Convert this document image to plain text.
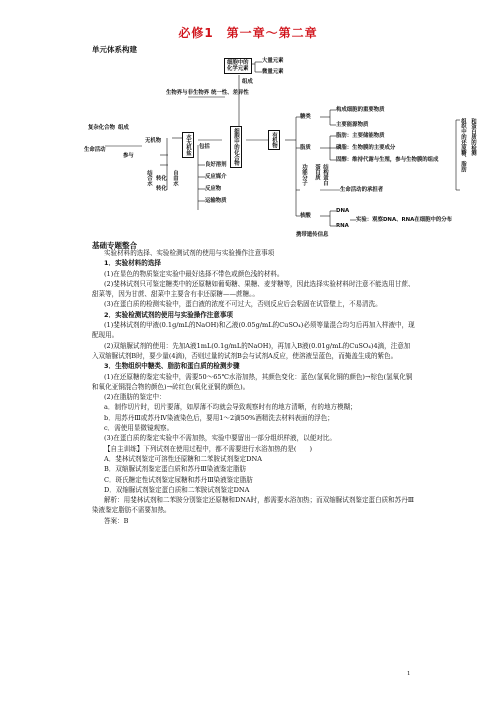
必修1　第一章～第二章
单元体系构建
生物界与非生物界 统一性、差异性
细胞中的
化学元素
大量元素
微量元素
组成
复杂化合物 组成
生命活动
参与
无机物
水无机盐
结合水	自由水
转化
转化
良好溶剂
反应媒介
反应物
运输物质
细胞中的化合物
包括	有机物
糖类
构成细胞的重要物质
主要能源物质
脂质
脂肪：主要储能物质
磷脂：生物膜的主要成分
固醇：维持代谢与生殖，参与生物膜的组成
功能分子 蛋白质 结构蛋白
生命活动的承担者
核酸
DNA
RNA
实验：观察DNA、RNA在细胞中的分布
携带遗传信息
组织中的还原糖、脂肪 和蛋白质的检测
基础专题整合

实验材料的选择、实验检测试剂的使用与实验操作注意事项

1．实验材料的选择

(1)在显色的物质鉴定实验中最好选择不带色或颜色浅的材料。

(2)斐林试剂只可鉴定糖类中的还原糖如葡萄糖、果糖、麦芽糖等，因此选择实验材料时注意不能选用甘蔗、甜菜等，因为甘蔗、甜菜中主要含有非还原糖——蔗糖。。

(3)在蛋白质的检测实验中，蛋白液的浓度不可过大，否则反应后会粘固在试管壁上，不易清洗。

2．实验检测试剂的使用与实验操作注意事项

(1)斐林试剂的甲液(0.1g/mL的NaOH)和乙液(0.05g/mL的CuSO₄)必须等量混合均匀后再加入样液中，现配现用。

(2)双缩脲试剂的使用：先加A液1mL(0.1g/mL的NaOH)，再加入B液(0.01g/mL的CuSO₄)4滴，注意加入双缩脲试剂B时，要少量(4滴)，否则过量的试剂B会与试剂A反应，使溶液呈蓝色，而掩盖生成的紫色。

3．生物组织中糖类、脂肪和蛋白质的检测步骤

(1)在还原糖的鉴定实验中，需要50～65℃水浴加热，其颜色变化：蓝色(氢氧化铜的颜色)→棕色(氢氧化铜和氧化亚铜混合物的颜色)→砖红色(氧化亚铜的颜色)。

(2)在脂肪的鉴定中：

a．制作切片时，切片要薄，如厚薄不均就会导致观察时有的地方清晰，有的地方模糊；

b．用苏丹Ⅲ或苏丹Ⅳ染液染色后，要用1～2滴50%酒精洗去材料表面的浮色；

c．需使用显微镜观察。

(3)在蛋白质的鉴定实验中不需加热，实验中要留出一部分组织样液，以便对比。

【自主训练】下列试剂在使用过程中，都不需要进行水浴加热的是(　　)

A．斐林试剂鉴定可溶性还原糖和二苯胺试剂鉴定DNA

B．双缩脲试剂鉴定蛋白质和苏丹Ⅲ染液鉴定脂肪

C．斑氏糖定性试剂鉴定尿糖和苏丹Ⅲ染液鉴定脂肪

D．双缩脲试剂鉴定蛋白质和二苯胺试剂鉴定DNA

解析：用斐林试剂和二苯胺分别鉴定还原糖和DNA时，都需要水浴加热；而双缩脲试剂鉴定蛋白质和苏丹Ⅲ染液鉴定脂肪不需要加热。

答案：B

1
